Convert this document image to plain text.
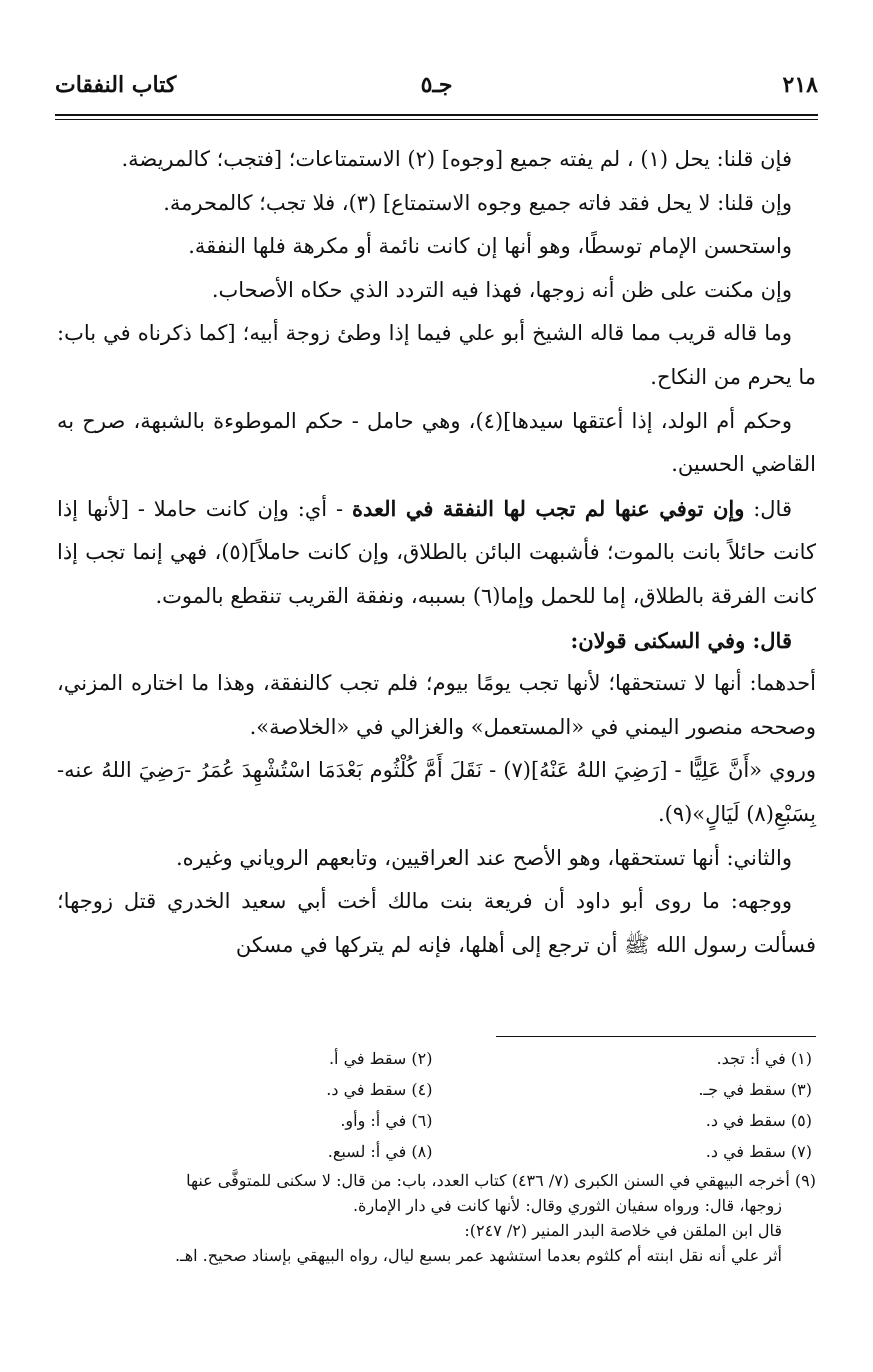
٢١٨
جـ٥
كتاب النفقات

فإن قلنا: يحل (١) ، لم يفته جميع [وجوه] (٢) الاستمتاعات؛ [فتجب؛ كالمريضة.

وإن قلنا: لا يحل فقد فاته جميع وجوه الاستمتاع] (٣)، فلا تجب؛ كالمحرمة.

واستحسن الإمام توسطًا، وهو أنها إن كانت نائمة أو مكرهة فلها النفقة.

وإن مكنت على ظن أنه زوجها، فهذا فيه التردد الذي حكاه الأصحاب.

وما قاله قريب مما قاله الشيخ أبو علي فيما إذا وطئ زوجة أبيه؛ [كما ذكرناه في باب: ما يحرم من النكاح.

وحكم أم الولد، إذا أعتقها سيدها](٤)، وهي حامل - حكم الموطوءة بالشبهة، صرح به القاضي الحسين.

قال: وإن توفي عنها لم تجب لها النفقة في العدة - أي: وإن كانت حاملا - [لأنها إذا كانت حائلاً بانت بالموت؛ فأشبهت البائن بالطلاق، وإن كانت حاملاً](٥)، فهي إنما تجب إذا كانت الفرقة بالطلاق، إما للحمل وإما(٦) بسببه، ونفقة القريب تنقطع بالموت.

قال: وفي السكنى قولان:

أحدهما: أنها لا تستحقها؛ لأنها تجب يومًا بيوم؛ فلم تجب كالنفقة، وهذا ما اختاره المزني، وصححه منصور اليمني في «المستعمل» والغزالي في «الخلاصة».

وروي «أَنَّ عَلِيًّا - [رَضِيَ اللهُ عَنْهُ](٧) - نَقَلَ أَمَّ كُلْثُوم بَعْدَمَا اسْتُشْهِدَ عُمَرُ -رَضِيَ اللهُ عنه- بِسَبْعِ(٨) لَيَالٍ»(٩).

والثاني: أنها تستحقها، وهو الأصح عند العراقيين، وتابعهم الروياني وغيره.

ووجهه: ما روى أبو داود أن فريعة بنت مالك أخت أبي سعيد الخدري قتل زوجها؛ فسألت رسول الله ﷺ أن ترجع إلى أهلها، فإنه لم يتركها في مسكن

(١) في أ: تجد.
(٢) سقط في أ.
(٣) سقط في جـ.
(٤) سقط في د.
(٥) سقط في د.
(٦) في أ: وأو.
(٧) سقط في د.
(٨) في أ: لسبع.

(٩) أخرجه البيهقي في السنن الكبرى (٧/ ٤٣٦) كتاب العدد، باب: من قال: لا سكنى للمتوفَّى عنها

زوجها، قال: ورواه سفيان الثوري وقال: لأنها كانت في دار الإمارة.

قال ابن الملقن في خلاصة البدر المنير (٢/ ٢٤٧):

أثر علي أنه نقل ابنته أم كلثوم بعدما استشهد عمر بسبع ليال، رواه البيهقي بإسناد صحيح. اهـ.
